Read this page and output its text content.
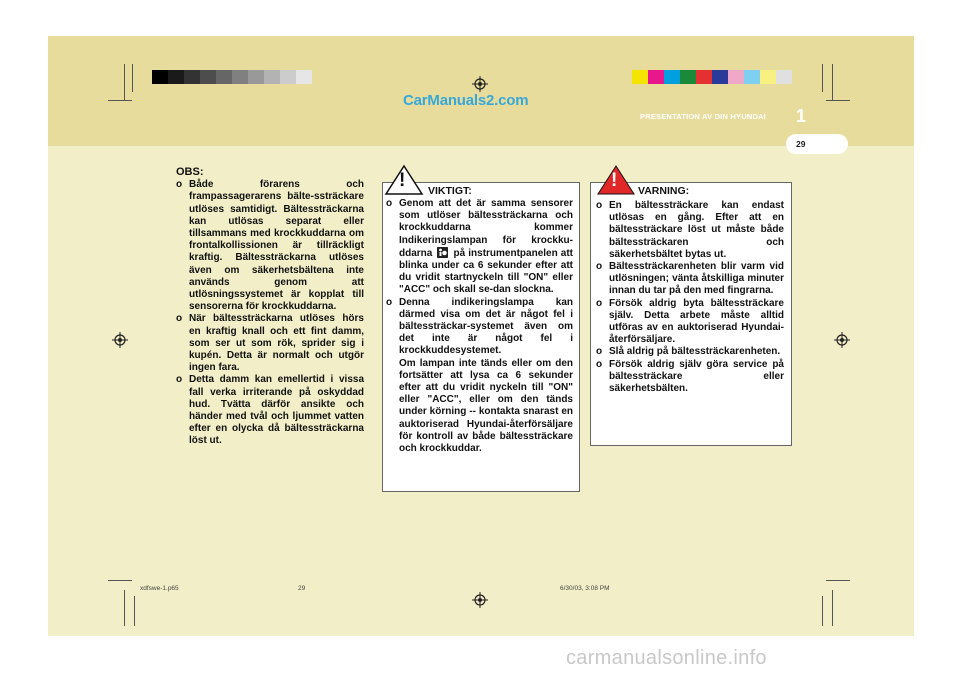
CarManuals2.com
PRESENTATION AV DIN HYUNDAI 1
29

OBS:

o Både förarens och frampassagerarens bälte-ssträckare utlöses samtidigt. Bältessträckarna kan utlösas separat eller tillsammans med krockkuddarna om frontalkollissionen är tillräckligt kraftig. Bältessträckarna utlöses även om säkerhetsbältena inte används genom att utlösningssystemet är kopplat till sensorerna för krockkuddarna.
o När bältessträckarna utlöses hörs en kraftig knall och ett fint damm, som ser ut som rök, sprider sig i kupén. Detta är normalt och utgör ingen fara.
o Detta damm kan emellertid i vissa fall verka irriterande på oskyddad hud. Tvätta därför ansikte och händer med tvål och ljummet vatten efter en olycka då bältessträckarna löst ut.
! VIKTIGT:
o Genom att det är samma sensorer som utlöser bältessträckarna och krockkuddarna kommer Indikeringslampan för krockku-ddarna på instrumentpanelen att blinka under ca 6 sekunder efter att du vridit startnyckeln till "ON" eller "ACC" och skall se-dan slockna.
o Denna indikeringslampa kan därmed visa om det är något fel i bältessträckar-systemet även om det inte är något fel i krockkuddesystemet.
Om lampan inte tänds eller om den fortsätter att lysa ca 6 sekunder efter att du vridit nyckeln till "ON" eller "ACC", eller om den tänds under körning -- kontakta snarast en auktoriserad Hyundai-återförsäljare för kontroll av både bältessträckare och krockkuddar.
! VARNING:
o En bältessträckare kan endast utlösas en gång. Efter att en bältessträckare löst ut måste både bältessträckaren och säkerhetsbältet bytas ut.
o Bältessträckarenheten blir varm vid utlösningen; vänta åtskilliga minuter innan du tar på den med fingrarna.
o Försök aldrig byta bältessträckare själv. Detta arbete måste alltid utföras av en auktoriserad Hyundai-återförsäljare.
o Slå aldrig på bältessträckarenheten.
o Försök aldrig själv göra service på bältessträckare eller säkerhetsbälten.
xdfswe-1.p65	29	6/30/03, 3:08 PM
carmanualsonline.info
